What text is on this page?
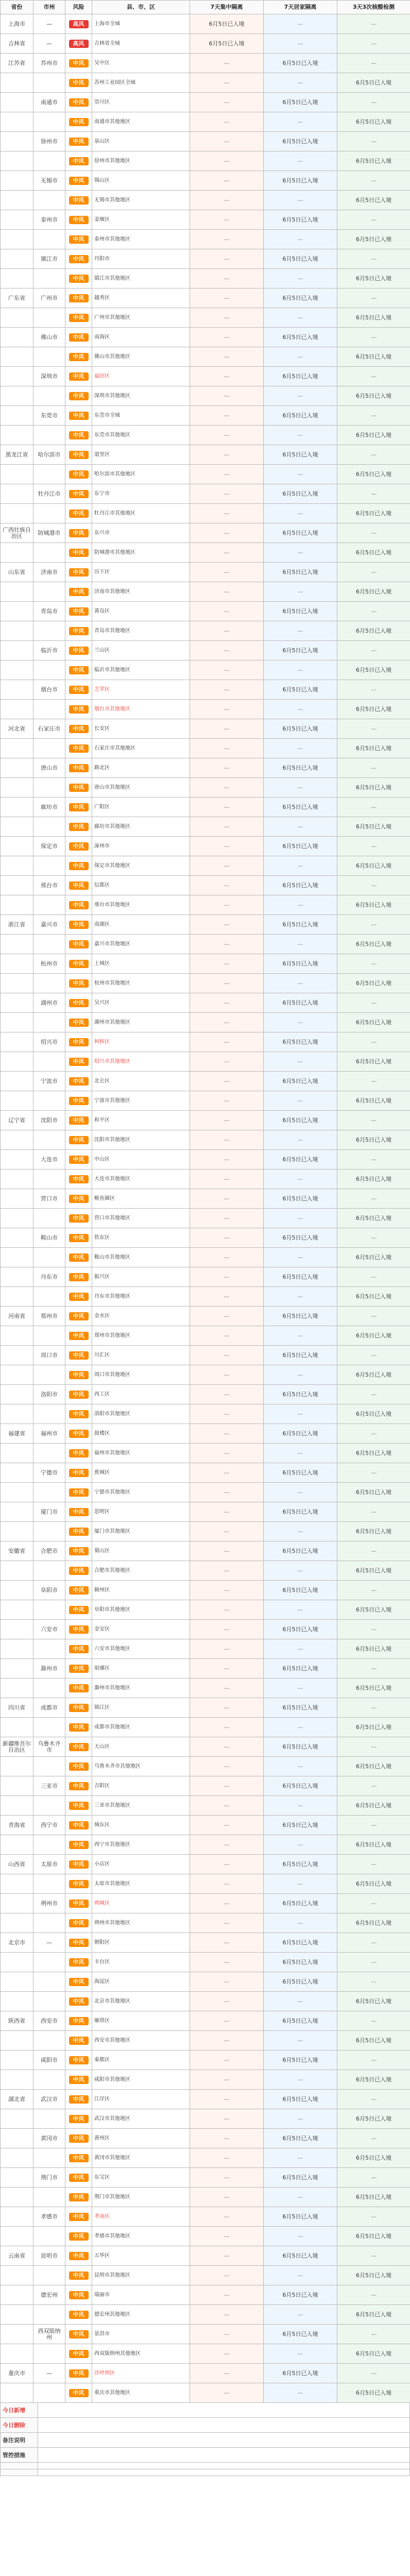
省份	市州	风险	县、市、区	7天集中隔离	7天居家隔离	3天3次核酸检测
上海市	—	高风	上海市全域	6月5日已入境	—	—
吉林省	—	高风	吉林省全域	6月5日已入境	—	—
江苏省	苏州市	中风	吴中区	—	6月5日已入境	—
		中风	苏州工业园区全域	—	—	6月5日已入境
	南通市	中风	崇川区	—	6月5日已入境	—
		中风	南通市其他地区	—	—	6月5日已入境
	徐州市	中风	泉山区	—	6月5日已入境	—
		中风	徐州市其他地区	—	—	6月5日已入境
	无锡市	中风	锡山区	—	6月5日已入境	—
		中风	无锡市其他地区	—	—	6月5日已入境
	泰州市	中风	姜堰区	—	6月5日已入境	—
		中风	泰州市其他地区	—	—	6月5日已入境
	镇江市	中风	丹阳市	—	6月5日已入境	—
		中风	镇江市其他地区	—	—	6月5日已入境
广东省	广州市	中风	越秀区	—	6月5日已入境	—
		中风	广州市其他地区	—	—	6月5日已入境
	佛山市	中风	南海区	—	6月5日已入境	—
		中风	佛山市其他地区	—	—	6月5日已入境
	深圳市	中风	福田区	—	6月5日已入境	—
		中风	深圳市其他地区	—	—	6月5日已入境
	东莞市	中风	东莞市全域	—	6月5日已入境	—
		中风	东莞市其他地区	—	—	6月5日已入境
黑龙江省	哈尔滨市	中风	道里区	—	6月5日已入境	—
		中风	哈尔滨市其他地区	—	—	6月5日已入境
	牡丹江市	中风	东宁市	—	6月5日已入境	—
		中风	牡丹江市其他地区	—	—	6月5日已入境
广西壮族自治区	防城港市	中风	东兴市	—	6月5日已入境	—
		中风	防城港市其他地区	—	—	6月5日已入境
山东省	济南市	中风	历下区	—	6月5日已入境	—
		中风	济南市其他地区	—	—	6月5日已入境
	青岛市	中风	黄岛区	—	6月5日已入境	—
		中风	青岛市其他地区	—	—	6月5日已入境
	临沂市	中风	兰山区	—	6月5日已入境	—
		中风	临沂市其他地区	—	—	6月5日已入境
	烟台市	中风	芝罘区	—	6月5日已入境	—
		中风	烟台市其他地区	—	—	6月5日已入境
河北省	石家庄市	中风	长安区	—	6月5日已入境	—
		中风	石家庄市其他地区	—	—	6月5日已入境
	唐山市	中风	路北区	—	6月5日已入境	—
		中风	唐山市其他地区	—	—	6月5日已入境
	廊坊市	中风	广阳区	—	6月5日已入境	—
		中风	廊坊市其他地区	—	—	6月5日已入境
	保定市	中风	涿州市	—	6月5日已入境	—
		中风	保定市其他地区	—	—	6月5日已入境
	邢台市	中风	信都区	—	6月5日已入境	—
		中风	邢台市其他地区	—	—	6月5日已入境
浙江省	嘉兴市	中风	南湖区	—	6月5日已入境	—
		中风	嘉兴市其他地区	—	—	6月5日已入境
	杭州市	中风	上城区	—	6月5日已入境	—
		中风	杭州市其他地区	—	—	6月5日已入境
	湖州市	中风	吴兴区	—	6月5日已入境	—
		中风	湖州市其他地区	—	—	6月5日已入境
	绍兴市	中风	柯桥区	—	6月5日已入境	—
		中风	绍兴市其他地区	—	—	6月5日已入境
	宁波市	中风	北仑区	—	6月5日已入境	—
		中风	宁波市其他地区	—	—	6月5日已入境
辽宁省	沈阳市	中风	和平区	—	6月5日已入境	—
		中风	沈阳市其他地区	—	—	6月5日已入境
	大连市	中风	中山区	—	6月5日已入境	—
		中风	大连市其他地区	—	—	6月5日已入境
	营口市	中风	鲅鱼圈区	—	6月5日已入境	—
		中风	营口市其他地区	—	—	6月5日已入境
	鞍山市	中风	铁东区	—	6月5日已入境	—
		中风	鞍山市其他地区	—	—	6月5日已入境
	丹东市	中风	振兴区	—	6月5日已入境	—
		中风	丹东市其他地区	—	—	6月5日已入境
河南省	郑州市	中风	金水区	—	6月5日已入境	—
		中风	郑州市其他地区	—	—	6月5日已入境
	周口市	中风	川汇区	—	6月5日已入境	—
		中风	周口市其他地区	—	—	6月5日已入境
	洛阳市	中风	西工区	—	6月5日已入境	—
		中风	洛阳市其他地区	—	—	6月5日已入境
福建省	福州市	中风	鼓楼区	—	6月5日已入境	—
		中风	福州市其他地区	—	—	6月5日已入境
	宁德市	中风	蕉城区	—	6月5日已入境	—
		中风	宁德市其他地区	—	—	6月5日已入境
	厦门市	中风	思明区	—	6月5日已入境	—
		中风	厦门市其他地区	—	—	6月5日已入境
安徽省	合肥市	中风	蜀山区	—	6月5日已入境	—
		中风	合肥市其他地区	—	—	6月5日已入境
	阜阳市	中风	颍州区	—	6月5日已入境	—
		中风	阜阳市其他地区	—	—	6月5日已入境
	六安市	中风	金安区	—	6月5日已入境	—
		中风	六安市其他地区	—	—	6月5日已入境
	滁州市	中风	琅琊区	—	6月5日已入境	—
		中风	滁州市其他地区	—	—	6月5日已入境
四川省	成都市	中风	锦江区	—	6月5日已入境	—
		中风	成都市其他地区	—	—	6月5日已入境
新疆维吾尔自治区	乌鲁木齐市	中风	天山区	—	6月5日已入境	—
		中风	乌鲁木齐市其他地区	—	—	6月5日已入境
	三亚市	中风	吉阳区	—	6月5日已入境	—
		中风	三亚市其他地区	—	—	6月5日已入境
青海省	西宁市	中风	城东区	—	6月5日已入境	—
		中风	西宁市其他地区	—	—	6月5日已入境
山西省	太原市	中风	小店区	—	6月5日已入境	—
		中风	太原市其他地区	—	—	6月5日已入境
	朔州市	中风	朔城区	—	6月5日已入境	—
		中风	朔州市其他地区	—	—	6月5日已入境
北京市	—	中风	朝阳区	—	6月5日已入境	—
		中风	丰台区	—	6月5日已入境	—
		中风	海淀区	—	6月5日已入境	—
		中风	北京市其他地区	—	—	6月5日已入境
陕西省	西安市	中风	雁塔区	—	6月5日已入境	—
		中风	西安市其他地区	—	—	6月5日已入境
	咸阳市	中风	秦都区	—	6月5日已入境	—
		中风	咸阳市其他地区	—	—	6月5日已入境
湖北省	武汉市	中风	江岸区	—	6月5日已入境	—
		中风	武汉市其他地区	—	—	6月5日已入境
	黄冈市	中风	黄州区	—	6月5日已入境	—
		中风	黄冈市其他地区	—	—	6月5日已入境
	荆门市	中风	东宝区	—	6月5日已入境	—
		中风	荆门市其他地区	—	—	6月5日已入境
	孝感市	中风	孝南区	—	6月5日已入境	—
		中风	孝感市其他地区	—	—	6月5日已入境
云南省	昆明市	中风	五华区	—	6月5日已入境	—
		中风	昆明市其他地区	—	—	6月5日已入境
	德宏州	中风	瑞丽市	—	6月5日已入境	—
		中风	德宏州其他地区	—	—	6月5日已入境
	西双版纳州	中风	景洪市	—	6月5日已入境	—
		中风	西双版纳州其他地区	—	—	6月5日已入境
重庆市	—	中风	沙坪坝区	—	6月5日已入境	—
		中风	重庆市其他地区	—	—	6月5日已入境
今日新增
今日删除
备注说明
管控措施
